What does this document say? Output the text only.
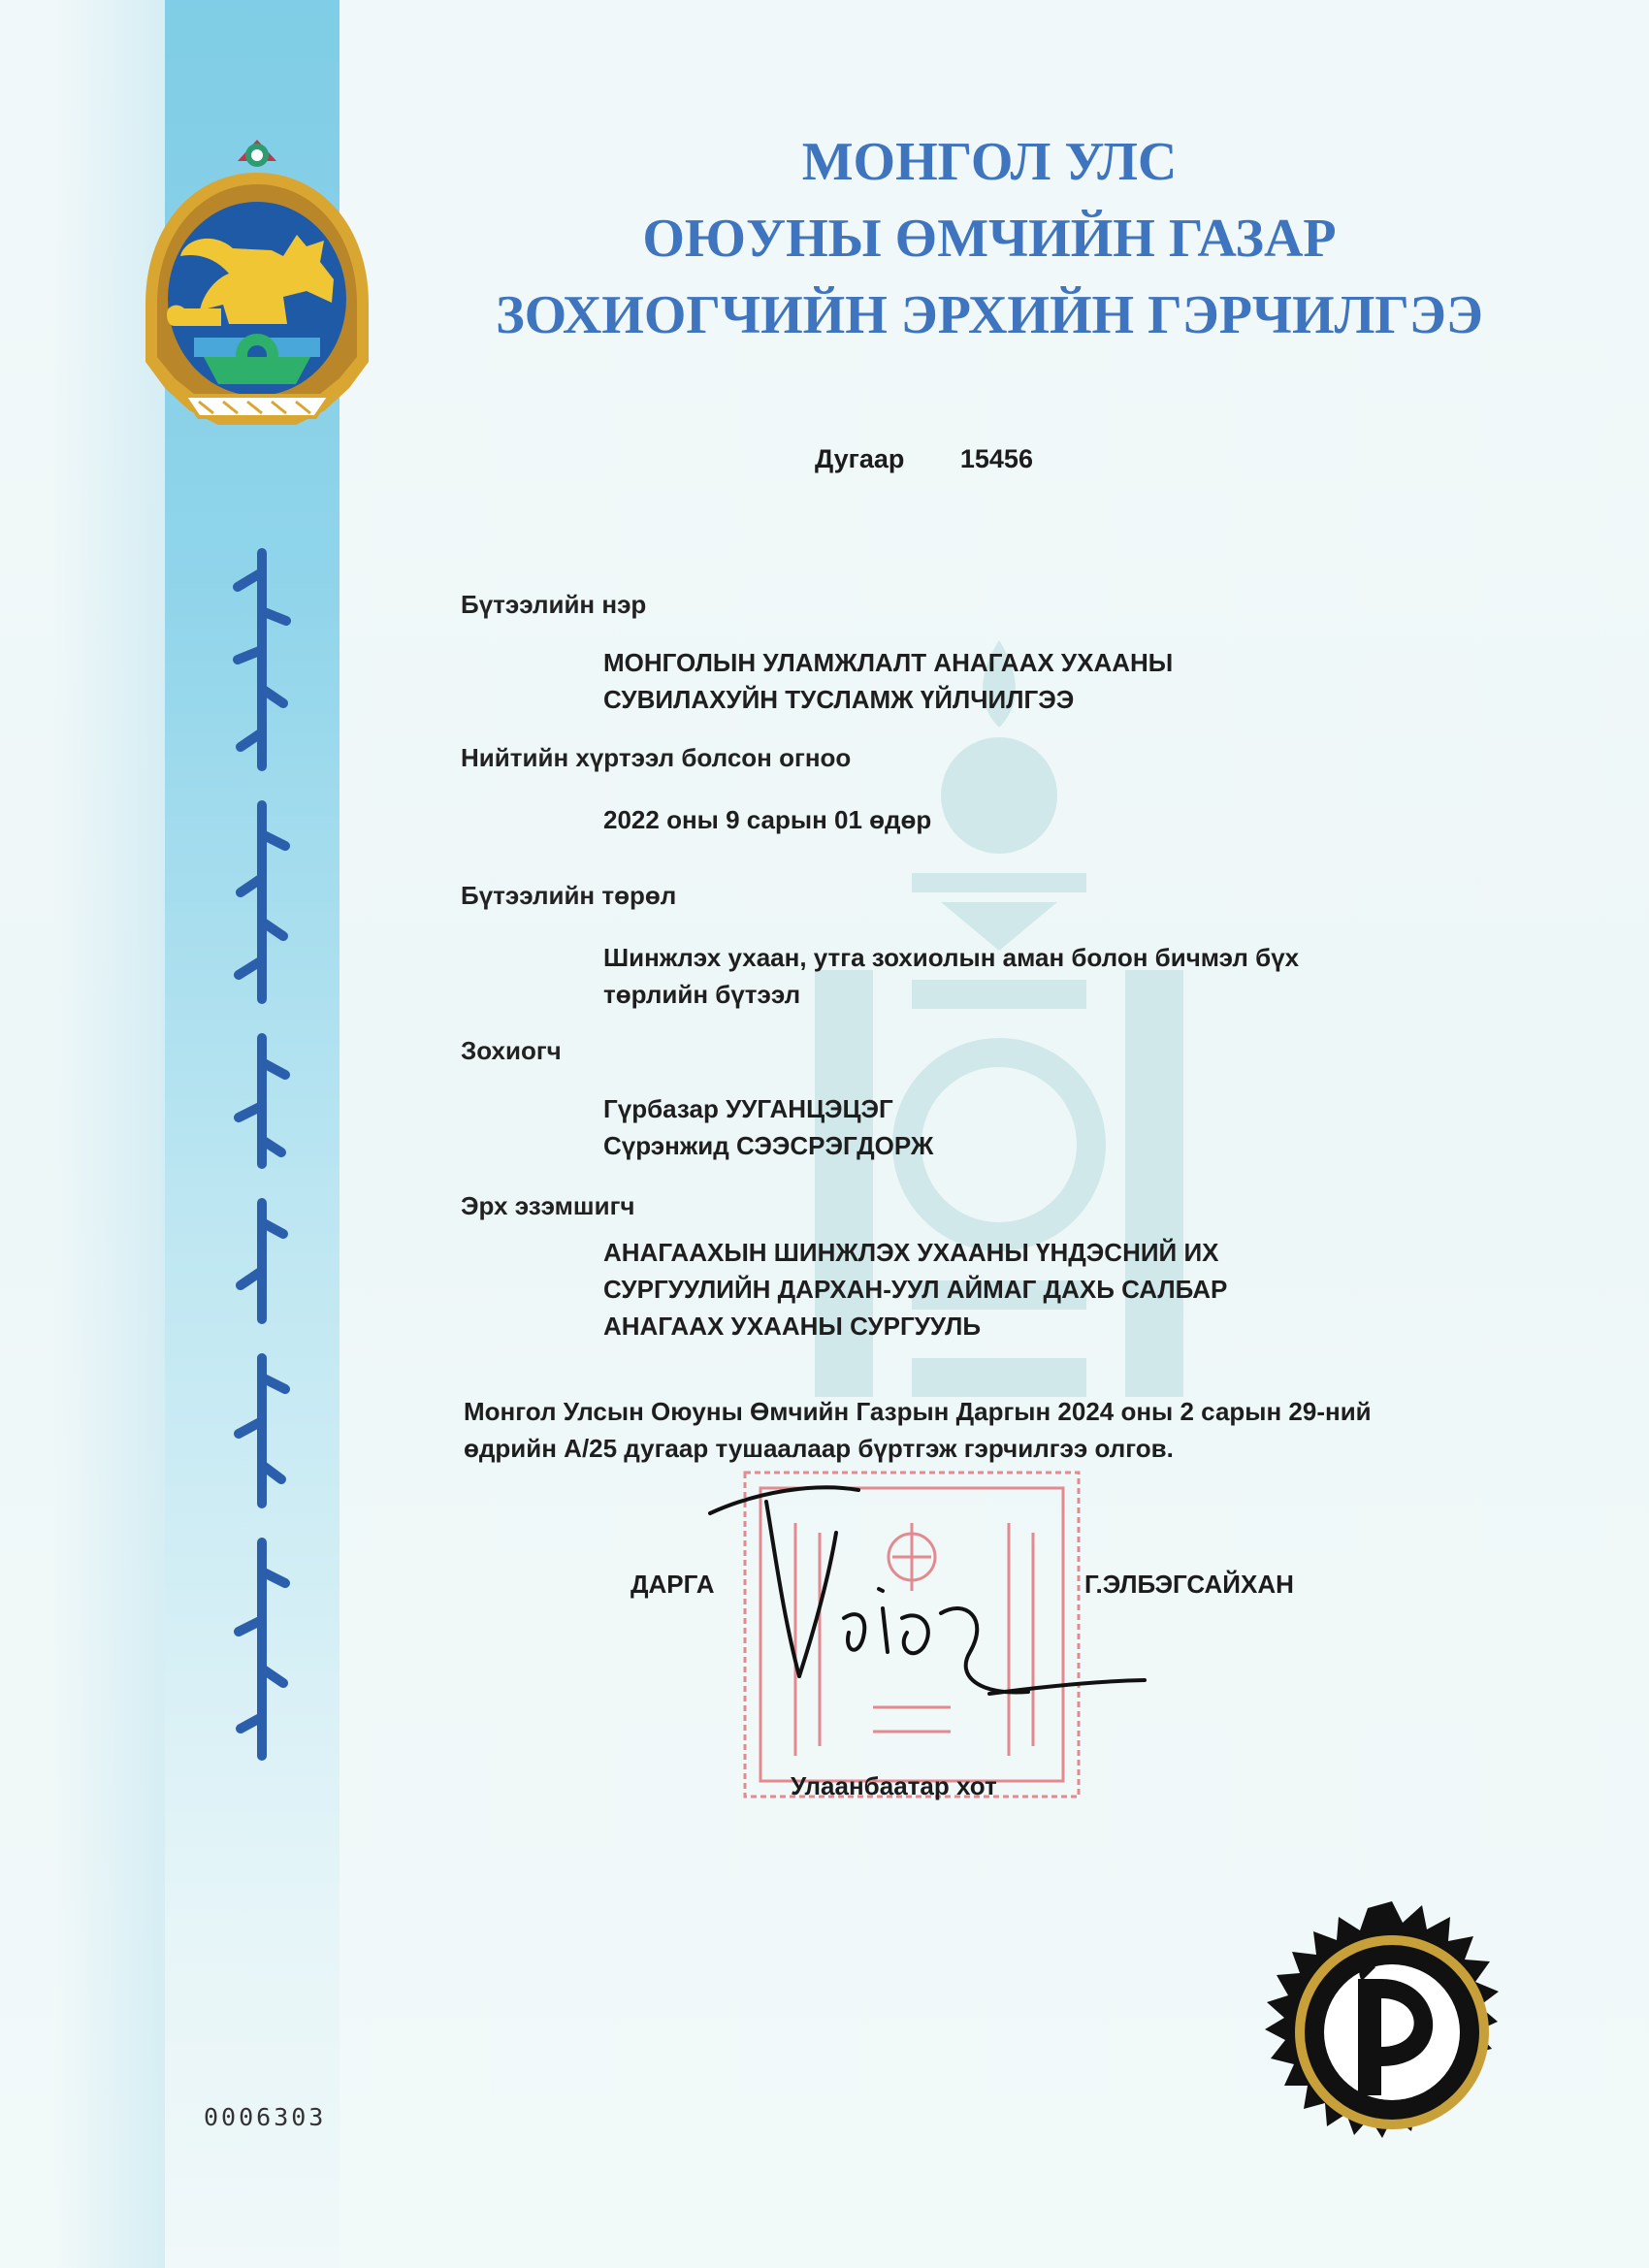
0006303
МОНГОЛ УЛС
ОЮУНЫ ӨМЧИЙН ГАЗАР
ЗОХИОГЧИЙН ЭРХИЙН ГЭРЧИЛГЭЭ
Дугаар 15456
Бүтээлийн нэр
МОНГОЛЫН УЛАМЖЛАЛТ АНАГААХ УХААНЫ
СУВИЛАХУЙН ТУСЛАМЖ ҮЙЛЧИЛГЭЭ
Нийтийн хүртээл болсон огноо
2022 оны 9 сарын 01 өдөр
Бүтээлийн төрөл
Шинжлэх ухаан, утга зохиолын аман болон бичмэл бүх
төрлийн бүтээл
Зохиогч
Гүрбазар УУГАНЦЭЦЭГ
Сүрэнжид СЭЭСРЭГДОРЖ
Эрх эзэмшигч
АНАГААХЫН ШИНЖЛЭХ УХААНЫ ҮНДЭСНИЙ ИХ
СУРГУУЛИЙН ДАРХАН-УУЛ АЙМАГ ДАХЬ САЛБАР
АНАГААХ УХААНЫ СУРГУУЛЬ
Монгол Улсын Оюуны Өмчийн Газрын Даргын 2024 оны 2 сарын 29-ний
өдрийн А/25 дугаар тушаалаар бүртгэж гэрчилгээ олгов.
ДАРГА	Г.ЭЛБЭГСАЙХАН
Улаанбаатар хот
